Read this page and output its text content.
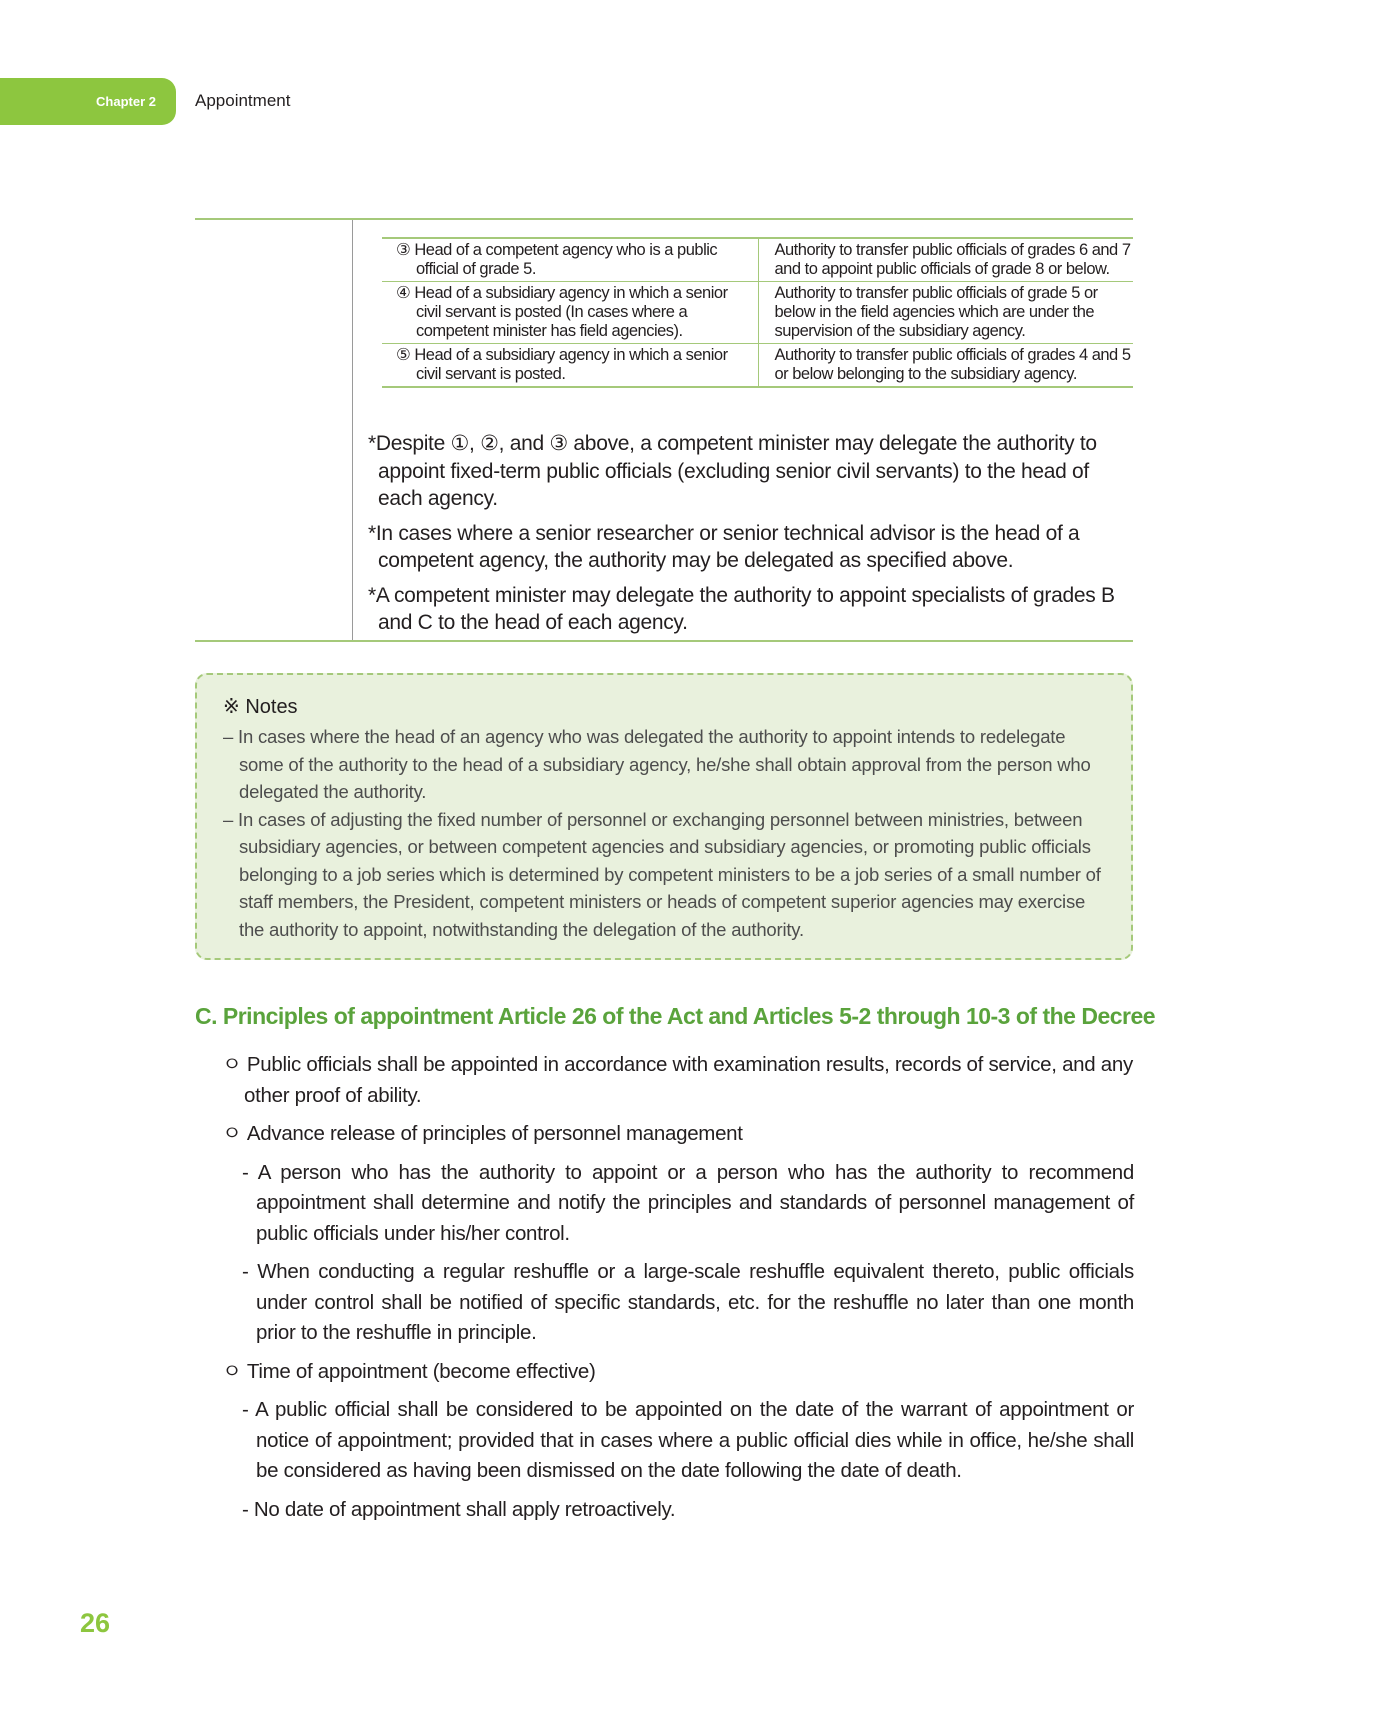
Chapter 2 Appointment
③ Head of a competent agency who is a public official of grade 5.	Authority to transfer public officials of grades 6 and 7 and to appoint public officials of grade 8 or below.

④ Head of a subsidiary agency in which a senior civil servant is posted (In cases where a competent minister has field agencies).	Authority to transfer public officials of grade 5 or below in the field agencies which are under the supervision of the subsidiary agency.

⑤ Head of a subsidiary agency in which a senior civil servant is posted.	Authority to transfer public officials of grades 4 and 5 or below belonging to the subsidiary agency.

*Despite ①, ②, and ③ above, a competent minister may delegate the authority to appoint fixed-term public officials (excluding senior civil servants) to the head of each agency.

*In cases where a senior researcher or senior technical advisor is the head of a competent agency, the authority may be delegated as specified above.

*A competent minister may delegate the authority to appoint specialists of grades B and C to the head of each agency.

※ Notes

– In cases where the head of an agency who was delegated the authority to appoint intends to redelegate some of the authority to the head of a subsidiary agency, he/she shall obtain approval from the person who delegated the authority.

– In cases of adjusting the fixed number of personnel or exchanging personnel between ministries, between subsidiary agencies, or between competent agencies and subsidiary agencies, or promoting public officials belonging to a job series which is determined by competent ministers to be a job series of a small number of staff members, the President, competent ministers or heads of competent superior agencies may exercise the authority to appoint, notwithstanding the delegation of the authority.

C. Principles of appointment Article 26 of the Act and Articles 5-2 through 10-3 of the Decree

ㅇ Public officials shall be appointed in accordance with examination results, records of service, and any other proof of ability.

ㅇ Advance release of principles of personnel management

- A person who has the authority to appoint or a person who has the authority to recommend appointment shall determine and notify the principles and standards of personnel management of public officials under his/her control.

- When conducting a regular reshuffle or a large-scale reshuffle equivalent thereto, public officials under control shall be notified of specific standards, etc. for the reshuffle no later than one month prior to the reshuffle in principle.

ㅇ Time of appointment (become effective)

- A public official shall be considered to be appointed on the date of the warrant of appointment or notice of appointment; provided that in cases where a public official dies while in office, he/she shall be considered as having been dismissed on the date following the date of death.

- No date of appointment shall apply retroactively.

26
